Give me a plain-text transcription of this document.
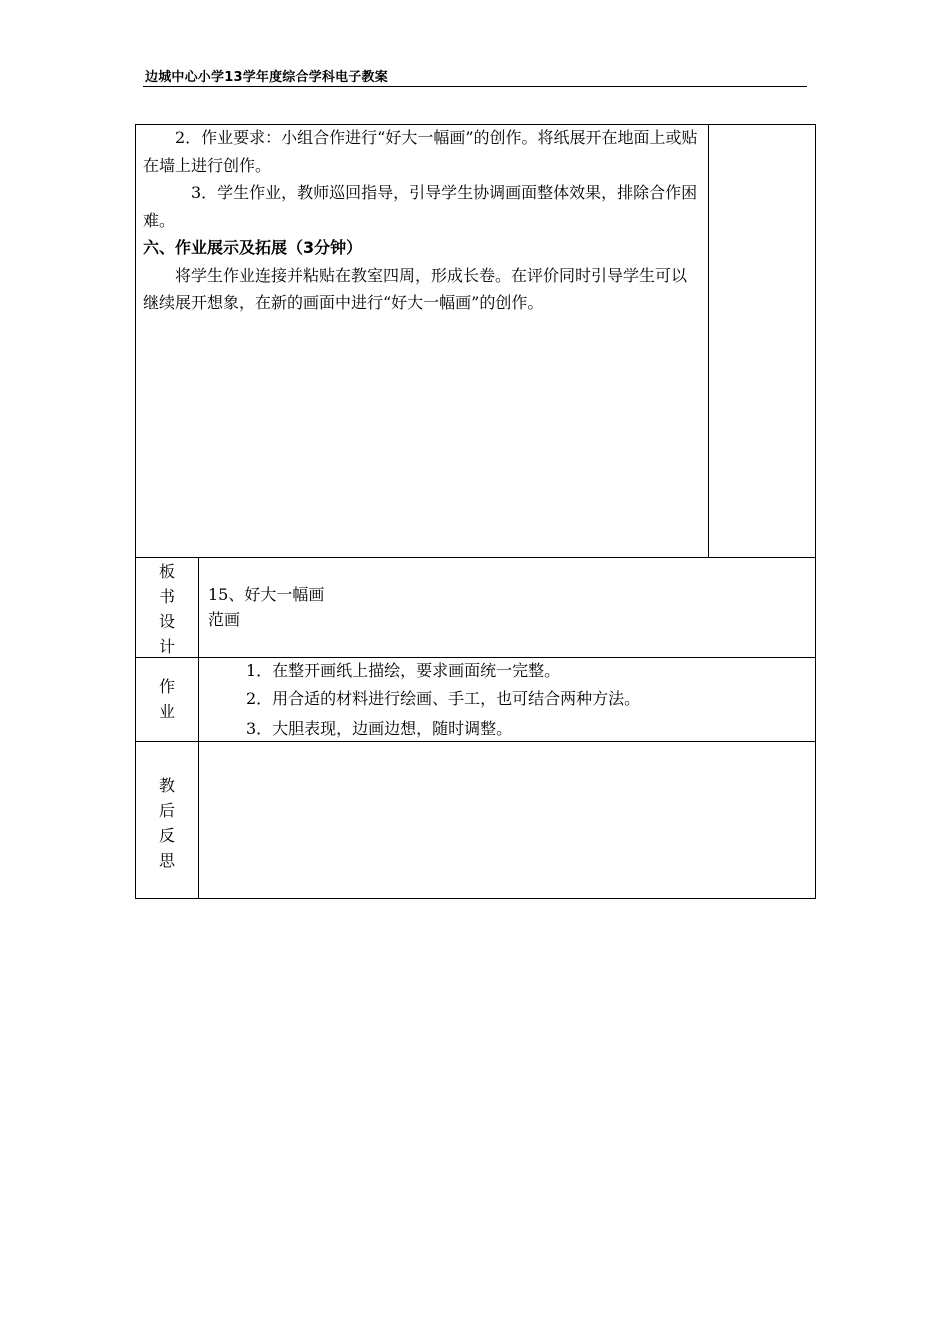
边城中心小学13学年度综合学科电子教案

2．作业要求：小组合作进行“好大一幅画”的创作。将纸展开在地面上或贴在墙上进行创作。

3．学生作业，教师巡回指导，引导学生协调画面整体效果，排除合作困难。

六、作业展示及拓展（3分钟）

将学生作业连接并粘贴在教室四周，形成长卷。在评价同时引导学生可以继续展开想象，在新的画面中进行“好大一幅画”的创作。

板
书
设
计
15、好大一幅画
范画
作
业
1．在整开画纸上描绘，要求画面统一完整。
2．用合适的材料进行绘画、手工，也可结合两种方法。
3．大胆表现，边画边想，随时调整。
教
后
反
思
